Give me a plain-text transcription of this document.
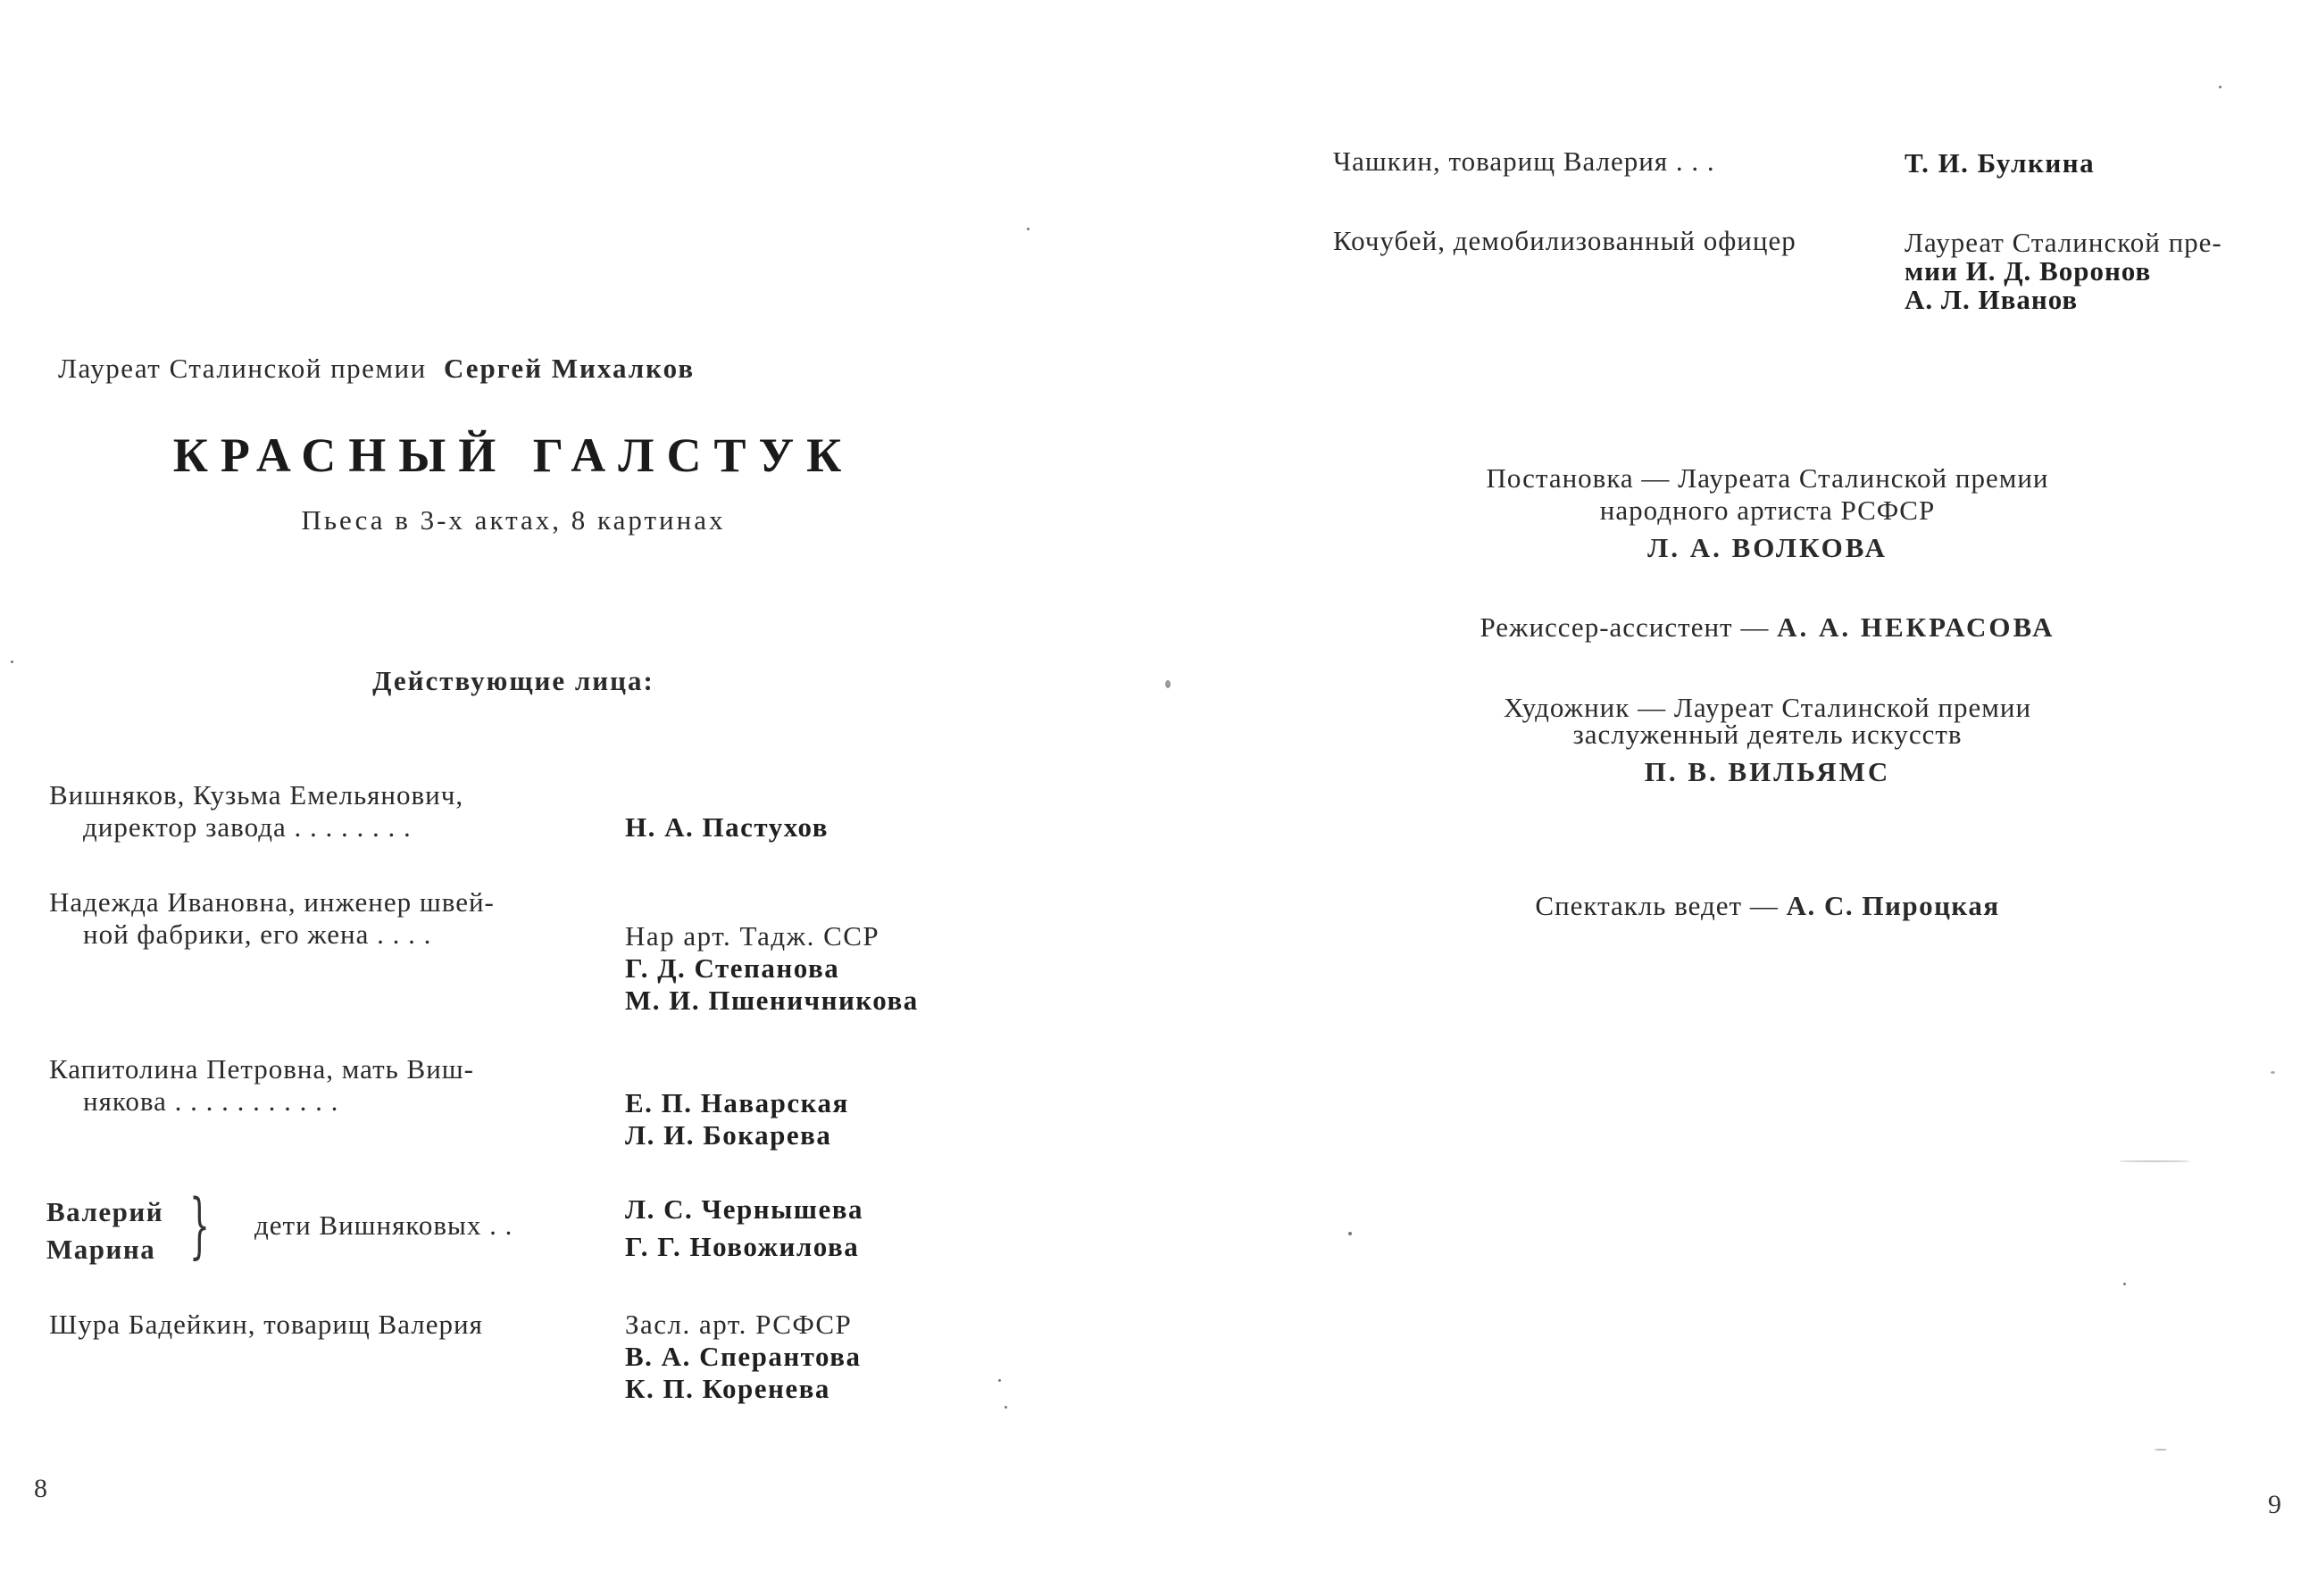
Лауреат Сталинской премии Сергей Михалков
КРАСНЫЙ ГАЛСТУК
Пьеса в 3-х актах, 8 картинах
Действующие лица:
Вишняков, Кузьма Емельянович,
директор завода . . . . . . . .	Н. А. Пастухов
Надежда Ивановна, инженер швей-
ной фабрики, его жена . . . .	Нар арт. Тадж. ССР
Г. Д. Степанова
М. И. Пшеничникова
Капитолина Петровна, мать Виш-
някова . . . . . . . . . . .	Е. П. Наварская
Л. И. Бокарева
Валерий
Марина } дети Вишняковых . .
Л. С. Чернышева
Г. Г. Новожилова
Шура Бадейкин, товарищ Валерия	Засл. арт. РСФСР
В. А. Сперантова
К. П. Коренева
8
Чашкин, товарищ Валерия . . .	Т. И. Булкина
Кочубей, демобилизованный офицер	Лауреат Сталинской пре-
мии И. Д. Воронов
А. Л. Иванов
Постановка — Лауреата Сталинской премии
народного артиста РСФСР
Л. А. ВОЛКОВА
Режиссер-ассистент — А. А. НЕКРАСОВА
Художник — Лауреат Сталинской премии
заслуженный деятель искусств
П. В. ВИЛЬЯМС
Спектакль ведет — А. С. Пироцкая
9
